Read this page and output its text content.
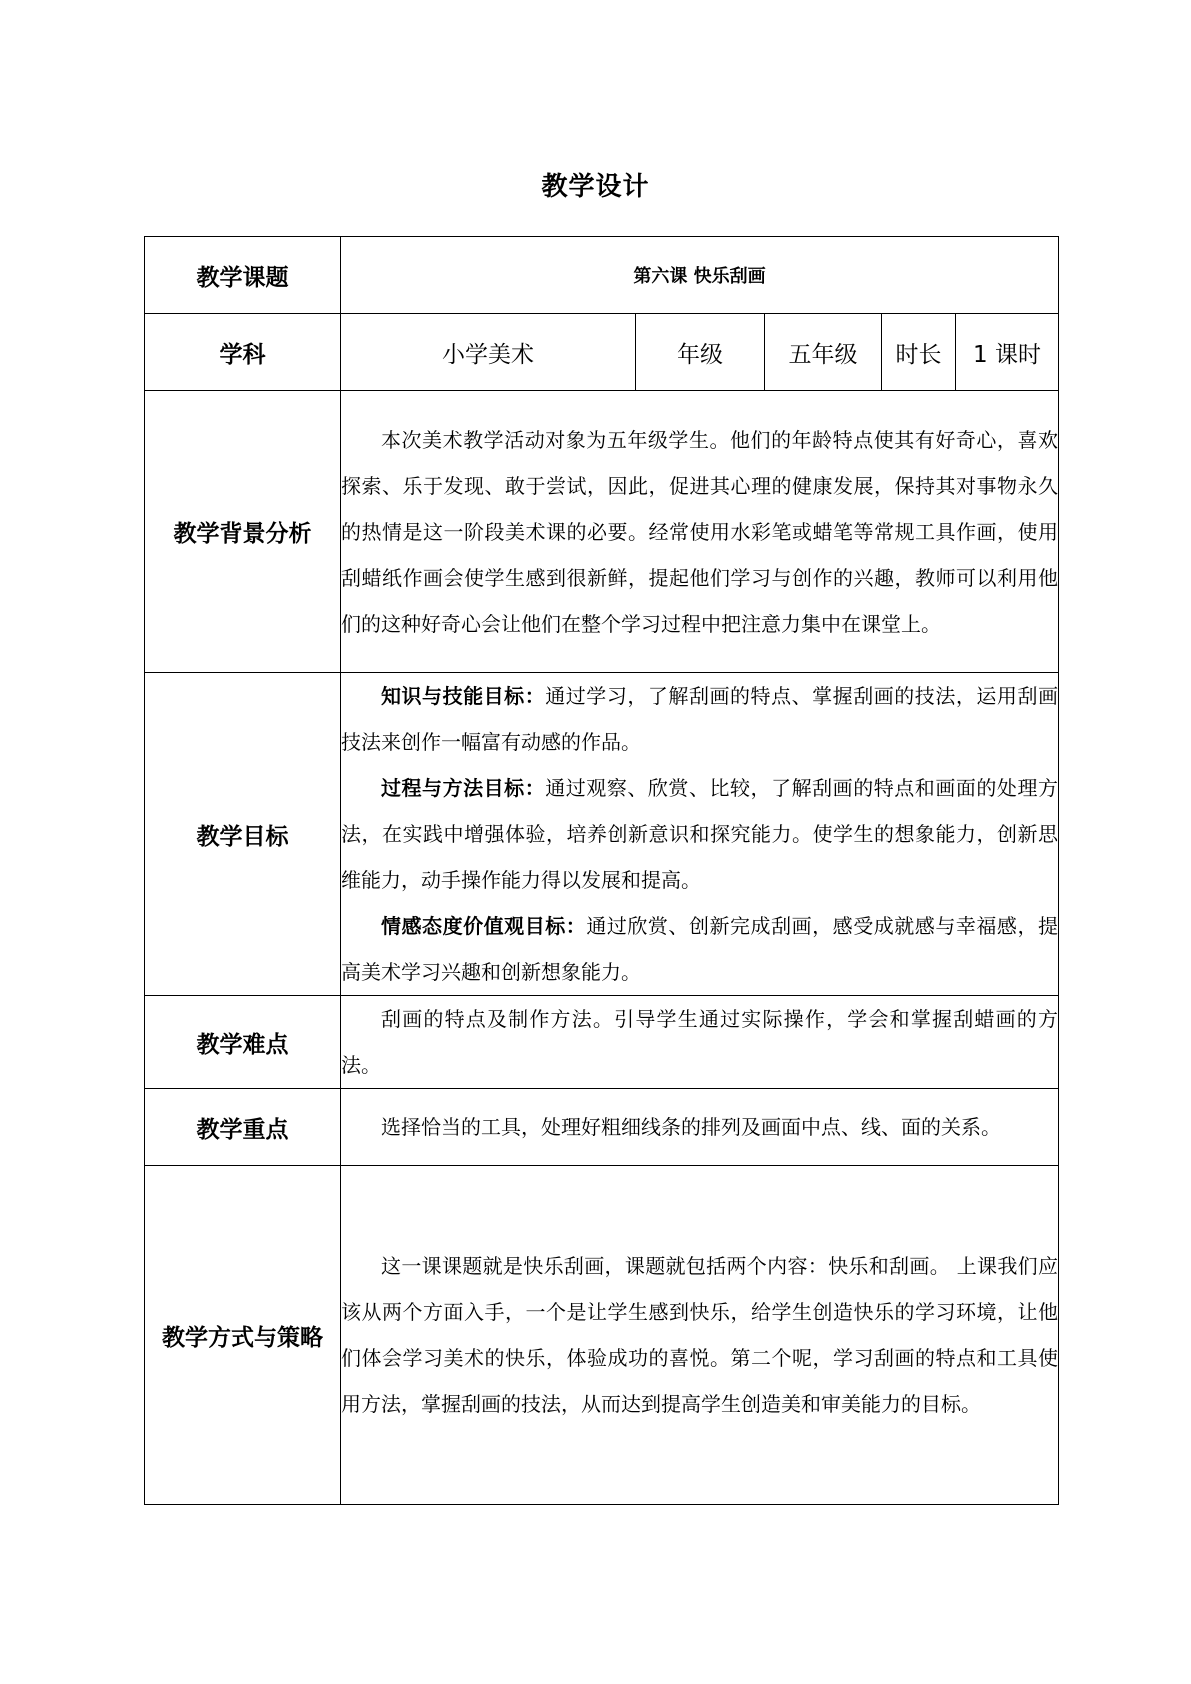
教学设计
教学课题	第六课 快乐刮画				
学科	小学美术	年级	五年级	时长	1 课时
教学背景分析	本次美术教学活动对象为五年级学生。他们的年龄特点使其有好奇心，喜欢探索、乐于发现、敢于尝试，因此，促进其心理的健康发展，保持其对事物永久的热情是这一阶段美术课的必要。经常使用水彩笔或蜡笔等常规工具作画，使用刮蜡纸作画会使学生感到很新鲜，提起他们学习与创作的兴趣，教师可以利用他们的这种好奇心会让他们在整个学习过程中把注意力集中在课堂上。				

教学目标	知识与技能目标：通过学习，了解刮画的特点、掌握刮画的技法，运用刮画技法来创作一幅富有动感的作品。

过程与方法目标：通过观察、欣赏、比较，了解刮画的特点和画面的处理方法，在实践中增强体验，培养创新意识和探究能力。使学生的想象能力，创新思维能力，动手操作能力得以发展和提高。

情感态度价值观目标：通过欣赏、创新完成刮画，感受成就感与幸福感，提高美术学习兴趣和创新想象能力。				

教学难点	刮画的特点及制作方法。引导学生通过实际操作，学会和掌握刮蜡画的方法。				

教学重点	选择恰当的工具，处理好粗细线条的排列及画面中点、线、面的关系。				

教学方式与策略	这一课课题就是快乐刮画，课题就包括两个内容：快乐和刮画。 上课我们应该从两个方面入手，一个是让学生感到快乐，给学生创造快乐的学习环境，让他们体会学习美术的快乐，体验成功的喜悦。第二个呢，学习刮画的特点和工具使用方法，掌握刮画的技法，从而达到提高学生创造美和审美能力的目标。				
